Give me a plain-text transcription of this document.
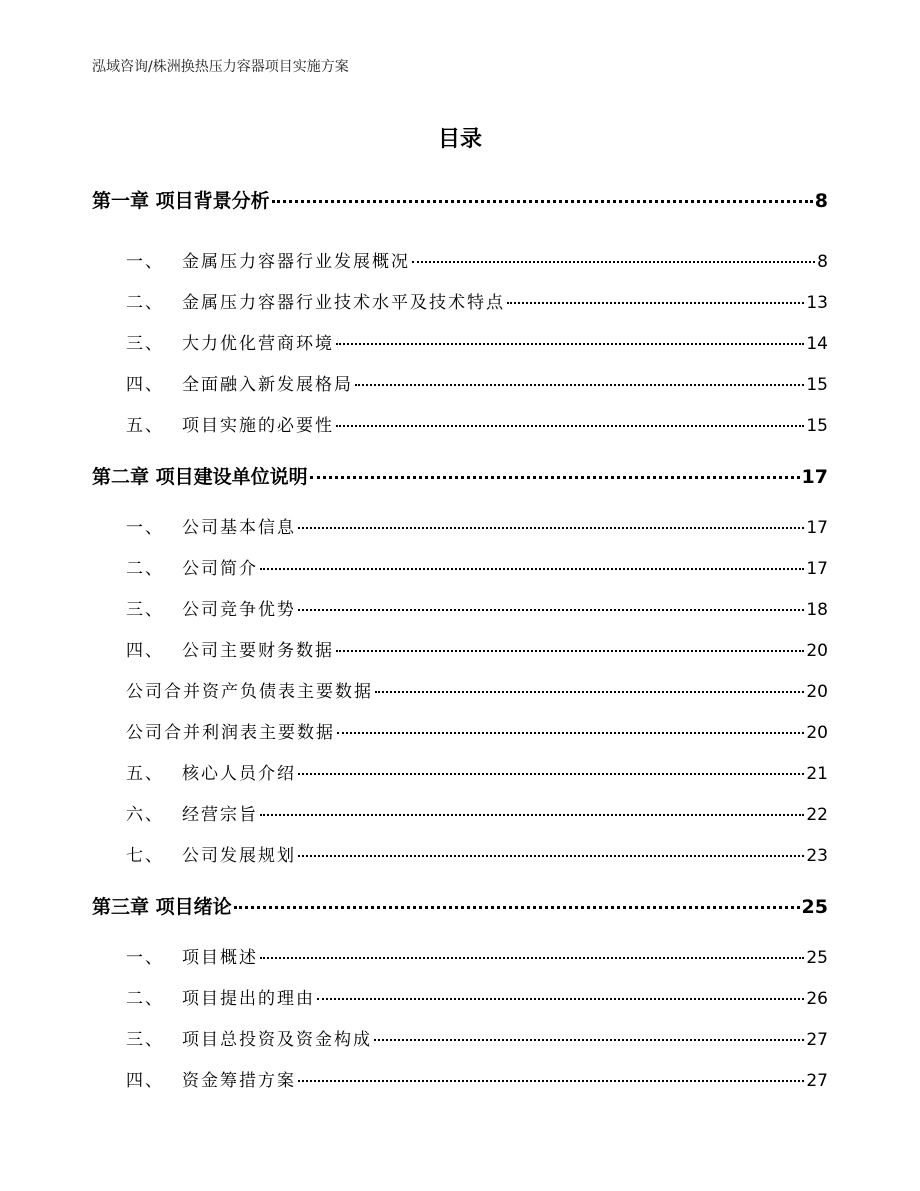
泓域咨询/株洲换热压力容器项目实施方案
目录
第一章 项目背景分析	8
一、 金属压力容器行业发展概况	8
二、 金属压力容器行业技术水平及技术特点	13
三、 大力优化营商环境	14
四、 全面融入新发展格局	15
五、 项目实施的必要性	15
第二章 项目建设单位说明	17
一、 公司基本信息	17
二、 公司简介	17
三、 公司竞争优势	18
四、 公司主要财务数据	20
公司合并资产负债表主要数据	20
公司合并利润表主要数据	20
五、 核心人员介绍	21
六、 经营宗旨	22
七、 公司发展规划	23
第三章 项目绪论	25
一、 项目概述	25
二、 项目提出的理由	26
三、 项目总投资及资金构成	27
四、 资金筹措方案	27
